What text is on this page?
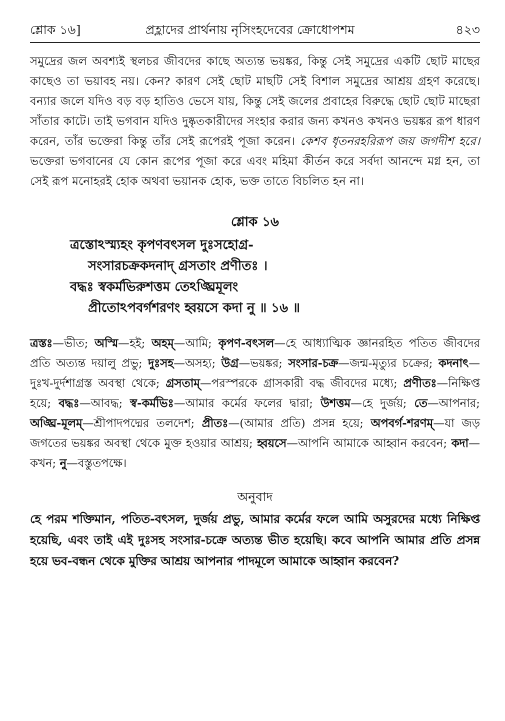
শ্লোক ১৬]	প্রহ্লাদের প্রার্থনায় নৃসিংহদেবের ক্রোধোপশম	৪২৩

সমুদ্রের জল অবশ্যই স্থলচর জীবদের কাছে অত্যন্ত ভয়ঙ্কর, কিন্তু সেই সমুদ্রের একটি ছোট মাছের কাছেও তা ভয়াবহ নয়। কেন? কারণ সেই ছোট মাছটি সেই বিশাল সমুদ্রের আশ্রয় গ্রহণ করেছে। বন্যার জলে যদিও বড় বড় হাতিও ভেসে যায়, কিন্তু সেই জলের প্রবাহের বিরুদ্ধে ছোট ছোট মাছেরা সাঁতার কাটে। তাই ভগবান যদিও দুষ্কৃতকারীদের সংহার করার জন্য কখনও কখনও ভয়ঙ্কর রূপ ধারণ করেন, তাঁর ভক্তেরা কিন্তু তাঁর সেই রূপেরই পূজা করেন। কেশব ধৃতনরহরিরূপ জয় জগদীশ হরে। ভক্তেরা ভগবানের যে কোন রূপের পূজা করে এবং মহিমা কীর্তন করে সর্বদা আনন্দে মগ্ন হন, তা সেই রূপ মনোহরই হোক অথবা ভয়ানক হোক, ভক্ত তাতে বিচলিত হন না।

শ্লোক ১৬
ত্রস্তোঽস্ম্যহং কৃপণবৎসল দুঃসহোগ্র-
সংসারচক্রকদনাদ্ গ্রসতাং প্রণীতঃ ।
বদ্ধঃ স্বকর্মভিরুশত্তম তেঽঙ্ঘ্রিমূলং
প্রীতোঽপবর্গশরণং হ্বয়সে কদা নু ॥ ১৬ ॥
ত্রস্তঃ—ভীত; অস্মি—হই; অহম্—আমি; কৃপণ-বৎসল—হে আধ্যাত্মিক জ্ঞানরহিত পতিত জীবদের প্রতি অত্যন্ত দয়ালু প্রভু; দুঃসহ—অসহ্য; উগ্র—ভয়ঙ্কর; সংসার-চক্র—জন্ম-মৃত্যুর চক্রের; কদনাৎ—দুঃখ-দুর্দশাগ্রস্ত অবস্থা থেকে; গ্রসতাম্—পরস্পরকে গ্রাসকারী বদ্ধ জীবদের মধ্যে; প্রণীতঃ—নিক্ষিপ্ত হয়ে; বদ্ধঃ—আবদ্ধ; স্ব-কর্মভিঃ—আমার কর্মের ফলের দ্বারা; উশত্তম—হে দুর্জয়; তে—আপনার; অঙ্ঘ্রি-মূলম্—শ্রীপাদপদ্মের তলদেশ; প্রীতঃ—(আমার প্রতি) প্রসন্ন হয়ে; অপবর্গ-শরণম্—যা জড় জগতের ভয়ঙ্কর অবস্থা থেকে মুক্ত হওয়ার আশ্রয়; হ্বয়সে—আপনি আমাকে আহ্বান করবেন; কদা—কখন; নু—বস্তুতপক্ষে।
অনুবাদ

হে পরম শক্তিমান, পতিত-বৎসল, দুর্জয় প্রভু, আমার কর্মের ফলে আমি অসুরদের মধ্যে নিক্ষিপ্ত হয়েছি, এবং তাই এই দুঃসহ সংসার-চক্রে অত্যন্ত ভীত হয়েছি। কবে আপনি আমার প্রতি প্রসন্ন হয়ে ভব-বন্ধন থেকে মুক্তির আশ্রয় আপনার পাদমূলে আমাকে আহ্বান করবেন?
